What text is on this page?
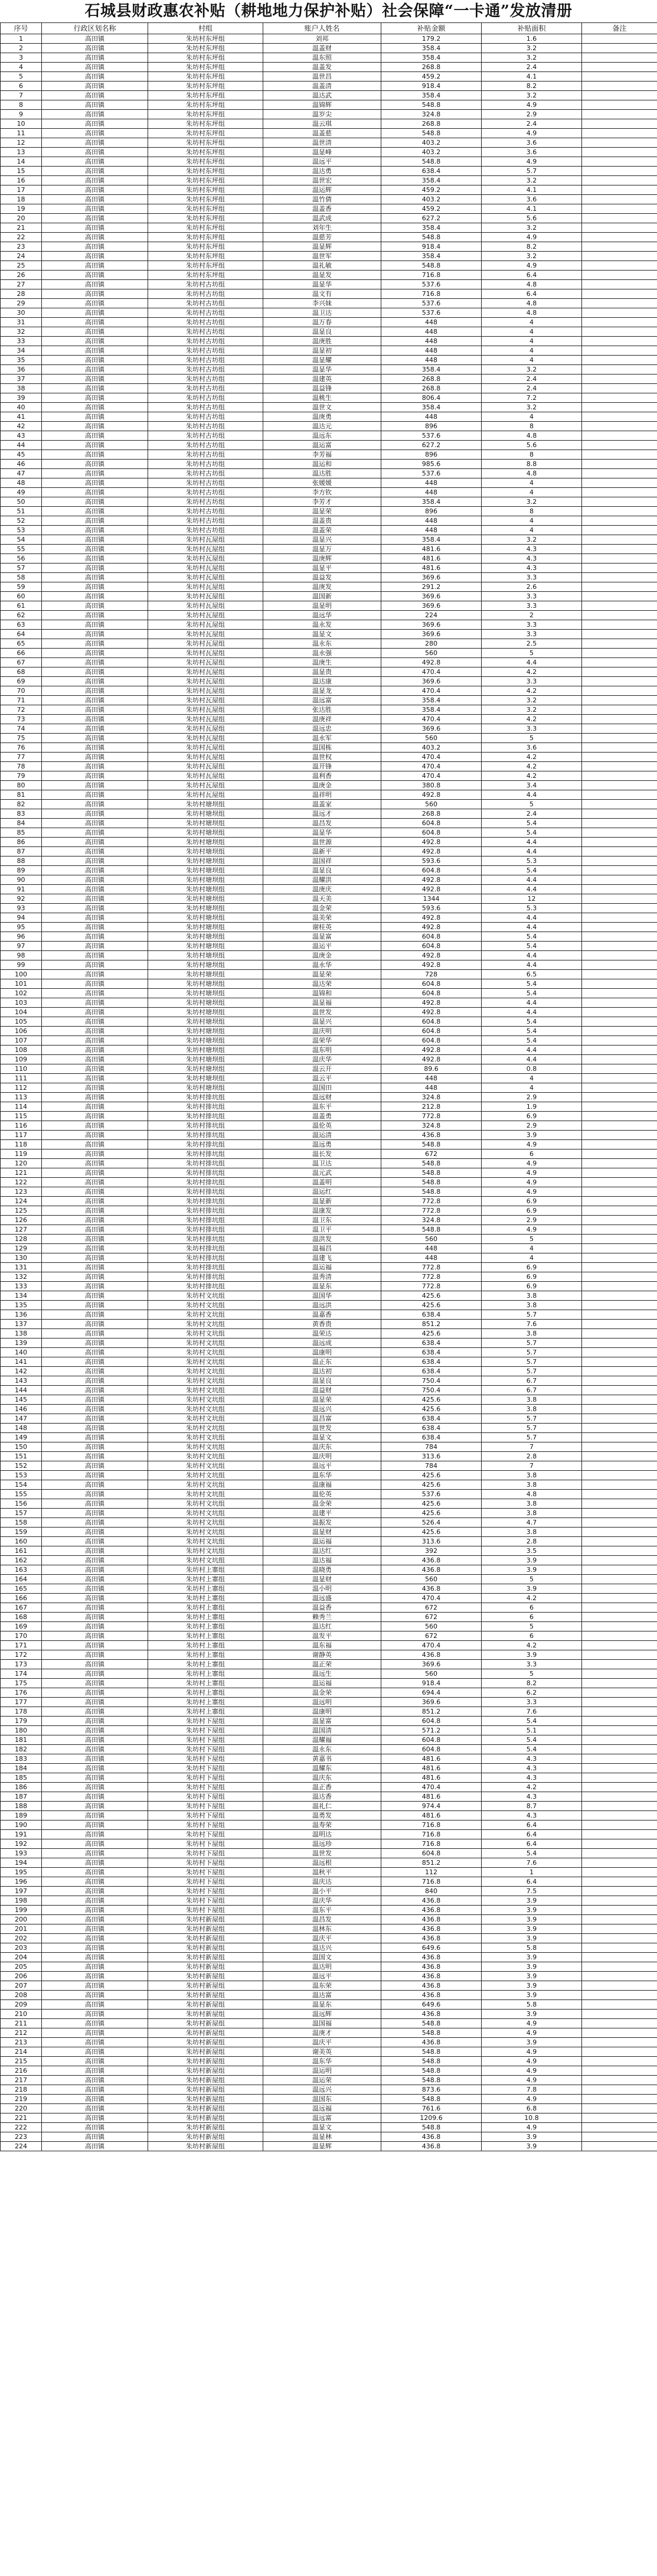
石城县财政惠农补贴（耕地地力保护补贴）社会保障“一卡通”发放清册
序号	行政区划名称	村组	账户人姓名	补贴金额	补贴面积	备注
1	高田镇	朱坊村东坪组	刘邦	179.2	1.6	
2	高田镇	朱坊村东坪组	温盖财	358.4	3.2	
3	高田镇	朱坊村东坪组	温东照	358.4	3.2	
4	高田镇	朱坊村东坪组	温盖发	268.8	2.4	
5	高田镇	朱坊村东坪组	温世昌	459.2	4.1	
6	高田镇	朱坊村东坪组	温盖清	918.4	8.2	
7	高田镇	朱坊村东坪组	温达武	358.4	3.2	
8	高田镇	朱坊村东坪组	温锦辉	548.8	4.9	
9	高田镇	朱坊村东坪组	温岁尖	324.8	2.9	
10	高田镇	朱坊村东坪组	温云琪	268.8	2.4	
11	高田镇	朱坊村东坪组	温盖慈	548.8	4.9	
12	高田镇	朱坊村东坪组	温世清	403.2	3.6	
13	高田镇	朱坊村东坪组	温显峰	403.2	3.6	
14	高田镇	朱坊村东坪组	温远平	548.8	4.9	
15	高田镇	朱坊村东坪组	温达勇	638.4	5.7	
16	高田镇	朱坊村东坪组	温世宏	358.4	3.2	
17	高田镇	朱坊村东坪组	温运辉	459.2	4.1	
18	高田镇	朱坊村东坪组	温竹倩	403.2	3.6	
19	高田镇	朱坊村东坪组	温盖香	459.2	4.1	
20	高田镇	朱坊村东坪组	温武成	627.2	5.6	
21	高田镇	朱坊村东坪组	刘年生	358.4	3.2	
22	高田镇	朱坊村东坪组	温慈芳	548.8	4.9	
23	高田镇	朱坊村东坪组	温显辉	918.4	8.2	
24	高田镇	朱坊村东坪组	温世军	358.4	3.2	
25	高田镇	朱坊村东坪组	温礼敏	548.8	4.9	
26	高田镇	朱坊村东坪组	温显发	716.8	6.4	
27	高田镇	朱坊村古坊组	温显华	537.6	4.8	
28	高田镇	朱坊村古坊组	温文有	716.8	6.4	
29	高田镇	朱坊村古坊组	李兴妹	537.6	4.8	
30	高田镇	朱坊村古坊组	温卫达	537.6	4.8	
31	高田镇	朱坊村古坊组	温万春	448	4	
32	高田镇	朱坊村古坊组	温显良	448	4	
33	高田镇	朱坊村古坊组	温庚胜	448	4	
34	高田镇	朱坊村古坊组	温显初	448	4	
35	高田镇	朱坊村古坊组	温显耀	448	4	
36	高田镇	朱坊村古坊组	温显华	358.4	3.2	
37	高田镇	朱坊村古坊组	温建英	268.8	2.4	
38	高田镇	朱坊村古坊组	温益锋	268.8	2.4	
39	高田镇	朱坊村古坊组	温桃生	806.4	7.2	
40	高田镇	朱坊村古坊组	温世文	358.4	3.2	
41	高田镇	朱坊村古坊组	温庚勇	448	4	
42	高田镇	朱坊村古坊组	温达元	896	8	
43	高田镇	朱坊村古坊组	温远东	537.6	4.8	
44	高田镇	朱坊村古坊组	温运富	627.2	5.6	
45	高田镇	朱坊村古坊组	李芳福	896	8	
46	高田镇	朱坊村古坊组	温运和	985.6	8.8	
47	高田镇	朱坊村古坊组	温达胜	537.6	4.8	
48	高田镇	朱坊村古坊组	张媛媛	448	4	
49	高田镇	朱坊村古坊组	李方钦	448	4	
50	高田镇	朱坊村古坊组	李芳才	358.4	3.2	
51	高田镇	朱坊村古坊组	温显荣	896	8	
52	高田镇	朱坊村古坊组	温盖贵	448	4	
53	高田镇	朱坊村古坊组	温盖荣	448	4	
54	高田镇	朱坊村瓦屋组	温显兴	358.4	3.2	
55	高田镇	朱坊村瓦屋组	温显万	481.6	4.3	
56	高田镇	朱坊村瓦屋组	温庚辉	481.6	4.3	
57	高田镇	朱坊村瓦屋组	温显平	481.6	4.3	
58	高田镇	朱坊村瓦屋组	温益发	369.6	3.3	
59	高田镇	朱坊村瓦屋组	温庚发	291.2	2.6	
60	高田镇	朱坊村瓦屋组	温国新	369.6	3.3	
61	高田镇	朱坊村瓦屋组	温显明	369.6	3.3	
62	高田镇	朱坊村瓦屋组	温远华	224	2	
63	高田镇	朱坊村瓦屋组	温永发	369.6	3.3	
64	高田镇	朱坊村瓦屋组	温显文	369.6	3.3	
65	高田镇	朱坊村瓦屋组	温永东	280	2.5	
66	高田镇	朱坊村瓦屋组	温永强	560	5	
67	高田镇	朱坊村瓦屋组	温庚生	492.8	4.4	
68	高田镇	朱坊村瓦屋组	温显贵	470.4	4.2	
69	高田镇	朱坊村瓦屋组	温达康	369.6	3.3	
70	高田镇	朱坊村瓦屋组	温显龙	470.4	4.2	
71	高田镇	朱坊村瓦屋组	温远富	358.4	3.2	
72	高田镇	朱坊村瓦屋组	张达胜	358.4	3.2	
73	高田镇	朱坊村瓦屋组	温庚祥	470.4	4.2	
74	高田镇	朱坊村瓦屋组	温远忠	369.6	3.3	
75	高田镇	朱坊村瓦屋组	温永军	560	5	
76	高田镇	朱坊村瓦屋组	温国栋	403.2	3.6	
77	高田镇	朱坊村瓦屋组	温世权	470.4	4.2	
78	高田镇	朱坊村瓦屋组	温开锋	470.4	4.2	
79	高田镇	朱坊村瓦屋组	温利香	470.4	4.2	
80	高田镇	朱坊村瓦屋组	温庚金	380.8	3.4	
81	高田镇	朱坊村瓦屋组	温祥明	492.8	4.4	
82	高田镇	朱坊村塘坝组	温盖家	560	5	
83	高田镇	朱坊村塘坝组	温远才	268.8	2.4	
84	高田镇	朱坊村塘坝组	温昌发	604.8	5.4	
85	高田镇	朱坊村塘坝组	温显华	604.8	5.4	
86	高田镇	朱坊村塘坝组	温世源	492.8	4.4	
87	高田镇	朱坊村塘坝组	温新平	492.8	4.4	
88	高田镇	朱坊村塘坝组	温国祥	593.6	5.3	
89	高田镇	朱坊村塘坝组	温显良	604.8	5.4	
90	高田镇	朱坊村塘坝组	温耀洪	492.8	4.4	
91	高田镇	朱坊村塘坝组	温庚庆	492.8	4.4	
92	高田镇	朱坊村塘坝组	温天美	1344	12	
93	高田镇	朱坊村塘坝组	温金荣	593.6	5.3	
94	高田镇	朱坊村塘坝组	温美荣	492.8	4.4	
95	高田镇	朱坊村塘坝组	谢桂英	492.8	4.4	
96	高田镇	朱坊村塘坝组	温显富	604.8	5.4	
97	高田镇	朱坊村塘坝组	温运平	604.8	5.4	
98	高田镇	朱坊村塘坝组	温庚金	492.8	4.4	
99	高田镇	朱坊村塘坝组	温永华	492.8	4.4	
100	高田镇	朱坊村塘坝组	温显荣	728	6.5	
101	高田镇	朱坊村塘坝组	温达荣	604.8	5.4	
102	高田镇	朱坊村塘坝组	温锦和	604.8	5.4	
103	高田镇	朱坊村塘坝组	温显福	492.8	4.4	
104	高田镇	朱坊村塘坝组	温世发	492.8	4.4	
105	高田镇	朱坊村塘坝组	温显兴	604.8	5.4	
106	高田镇	朱坊村塘坝组	温庆明	604.8	5.4	
107	高田镇	朱坊村塘坝组	温荣华	604.8	5.4	
108	高田镇	朱坊村塘坝组	温东明	492.8	4.4	
109	高田镇	朱坊村塘坝组	温庆华	492.8	4.4	
110	高田镇	朱坊村塘坝组	温云开	89.6	0.8	
111	高田镇	朱坊村塘坝组	温云平	448	4	
112	高田镇	朱坊村塘坝组	温国田	448	4	
113	高田镇	朱坊村排坑组	温远财	324.8	2.9	
114	高田镇	朱坊村排坑组	温东平	212.8	1.9	
115	高田镇	朱坊村排坑组	温盖勇	772.8	6.9	
116	高田镇	朱坊村排坑组	温伦英	324.8	2.9	
117	高田镇	朱坊村排坑组	温运清	436.8	3.9	
118	高田镇	朱坊村排坑组	温远勇	548.8	4.9	
119	高田镇	朱坊村排坑组	温长发	672	6	
120	高田镇	朱坊村排坑组	温卫达	548.8	4.9	
121	高田镇	朱坊村排坑组	温元武	548.8	4.9	
122	高田镇	朱坊村排坑组	温盖明	548.8	4.9	
123	高田镇	朱坊村排坑组	温运红	548.8	4.9	
124	高田镇	朱坊村排坑组	温显新	772.8	6.9	
125	高田镇	朱坊村排坑组	温康发	772.8	6.9	
126	高田镇	朱坊村排坑组	温卫东	324.8	2.9	
127	高田镇	朱坊村排坑组	温卫平	548.8	4.9	
128	高田镇	朱坊村排坑组	温洪发	560	5	
129	高田镇	朱坊村排坑组	温福昌	448	4	
130	高田镇	朱坊村排坑组	温建飞	448	4	
131	高田镇	朱坊村排坑组	温运福	772.8	6.9	
132	高田镇	朱坊村排坑组	温秀清	772.8	6.9	
133	高田镇	朱坊村排坑组	温显东	772.8	6.9	
134	高田镇	朱坊村文坑组	温国华	425.6	3.8	
135	高田镇	朱坊村文坑组	温远洪	425.6	3.8	
136	高田镇	朱坊村文坑组	温嘉香	638.4	5.7	
137	高田镇	朱坊村文坑组	黄香贵	851.2	7.6	
138	高田镇	朱坊村文坑组	温荣达	425.6	3.8	
139	高田镇	朱坊村文坑组	温远成	638.4	5.7	
140	高田镇	朱坊村文坑组	温康明	638.4	5.7	
141	高田镇	朱坊村文坑组	温正东	638.4	5.7	
142	高田镇	朱坊村文坑组	温达初	638.4	5.7	
143	高田镇	朱坊村文坑组	温显良	750.4	6.7	
144	高田镇	朱坊村文坑组	温益财	750.4	6.7	
145	高田镇	朱坊村文坑组	温显荣	425.6	3.8	
146	高田镇	朱坊村文坑组	温远兴	425.6	3.8	
147	高田镇	朱坊村文坑组	温昌富	638.4	5.7	
148	高田镇	朱坊村文坑组	温世发	638.4	5.7	
149	高田镇	朱坊村文坑组	温显文	638.4	5.7	
150	高田镇	朱坊村文坑组	温庆东	784	7	
151	高田镇	朱坊村文坑组	温庆明	313.6	2.8	
152	高田镇	朱坊村文坑组	温远平	784	7	
153	高田镇	朱坊村文坑组	温东华	425.6	3.8	
154	高田镇	朱坊村文坑组	温康福	425.6	3.8	
155	高田镇	朱坊村文坑组	温伦英	537.6	4.8	
156	高田镇	朱坊村文坑组	温金荣	425.6	3.8	
157	高田镇	朱坊村文坑组	温建平	425.6	3.8	
158	高田镇	朱坊村文坑组	温振发	526.4	4.7	
159	高田镇	朱坊村文坑组	温显财	425.6	3.8	
160	高田镇	朱坊村文坑组	温运福	313.6	2.8	
161	高田镇	朱坊村文坑组	温达红	392	3.5	
162	高田镇	朱坊村文坑组	温达福	436.8	3.9	
163	高田镇	朱坊村上寨组	温晓勇	436.8	3.9	
164	高田镇	朱坊村上寨组	温显财	560	5	
165	高田镇	朱坊村上寨组	温小明	436.8	3.9	
166	高田镇	朱坊村上寨组	温远盛	470.4	4.2	
167	高田镇	朱坊村上寨组	温益香	672	6	
168	高田镇	朱坊村上寨组	赖秀兰	672	6	
169	高田镇	朱坊村上寨组	温达红	560	5	
170	高田镇	朱坊村上寨组	温发平	672	6	
171	高田镇	朱坊村上寨组	温东福	470.4	4.2	
172	高田镇	朱坊村上寨组	谢静英	436.8	3.9	
173	高田镇	朱坊村上寨组	温正荣	369.6	3.3	
174	高田镇	朱坊村上寨组	温远生	560	5	
175	高田镇	朱坊村上寨组	温运福	918.4	8.2	
176	高田镇	朱坊村上寨组	温金荣	694.4	6.2	
177	高田镇	朱坊村上寨组	温远明	369.6	3.3	
178	高田镇	朱坊村上寨组	温康明	851.2	7.6	
179	高田镇	朱坊村下屋组	温显富	604.8	5.4	
180	高田镇	朱坊村下屋组	温国清	571.2	5.1	
181	高田镇	朱坊村下屋组	温耀福	604.8	5.4	
182	高田镇	朱坊村下屋组	温永东	604.8	5.4	
183	高田镇	朱坊村下屋组	黄嘉书	481.6	4.3	
184	高田镇	朱坊村下屋组	温耀东	481.6	4.3	
185	高田镇	朱坊村下屋组	温庆东	481.6	4.3	
186	高田镇	朱坊村下屋组	温正香	470.4	4.2	
187	高田镇	朱坊村下屋组	温达香	481.6	4.3	
188	高田镇	朱坊村下屋组	温礼仁	974.4	8.7	
189	高田镇	朱坊村下屋组	温勇发	481.6	4.3	
190	高田镇	朱坊村下屋组	温寿荣	716.8	6.4	
191	高田镇	朱坊村下屋组	温明达	716.8	6.4	
192	高田镇	朱坊村下屋组	温远珍	716.8	6.4	
193	高田镇	朱坊村下屋组	温世发	604.8	5.4	
194	高田镇	朱坊村下屋组	温远根	851.2	7.6	
195	高田镇	朱坊村下屋组	温秋平	112	1	
196	高田镇	朱坊村下屋组	温庆达	716.8	6.4	
197	高田镇	朱坊村下屋组	温小平	840	7.5	
198	高田镇	朱坊村下屋组	温庆华	436.8	3.9	
199	高田镇	朱坊村下屋组	温东平	436.8	3.9	
200	高田镇	朱坊村新屋组	温昌发	436.8	3.9	
201	高田镇	朱坊村新屋组	温林东	436.8	3.9	
202	高田镇	朱坊村新屋组	温庆平	436.8	3.9	
203	高田镇	朱坊村新屋组	温达兴	649.6	5.8	
204	高田镇	朱坊村新屋组	温国文	436.8	3.9	
205	高田镇	朱坊村新屋组	温达明	436.8	3.9	
206	高田镇	朱坊村新屋组	温远平	436.8	3.9	
207	高田镇	朱坊村新屋组	温东荣	436.8	3.9	
208	高田镇	朱坊村新屋组	温达富	436.8	3.9	
209	高田镇	朱坊村新屋组	温显东	649.6	5.8	
210	高田镇	朱坊村新屋组	温远辉	436.8	3.9	
211	高田镇	朱坊村新屋组	温国福	548.8	4.9	
212	高田镇	朱坊村新屋组	温庚才	548.8	4.9	
213	高田镇	朱坊村新屋组	温庆平	436.8	3.9	
214	高田镇	朱坊村新屋组	谢美英	548.8	4.9	
215	高田镇	朱坊村新屋组	温东华	548.8	4.9	
216	高田镇	朱坊村新屋组	温运明	548.8	4.9	
217	高田镇	朱坊村新屋组	温运荣	548.8	4.9	
218	高田镇	朱坊村新屋组	温远兴	873.6	7.8	
219	高田镇	朱坊村新屋组	温国东	548.8	4.9	
220	高田镇	朱坊村新屋组	温远福	761.6	6.8	
221	高田镇	朱坊村新屋组	温远富	1209.6	10.8	
222	高田镇	朱坊村新屋组	温显文	548.8	4.9	
223	高田镇	朱坊村新屋组	温显林	436.8	3.9	
224	高田镇	朱坊村新屋组	温显辉	436.8	3.9	
